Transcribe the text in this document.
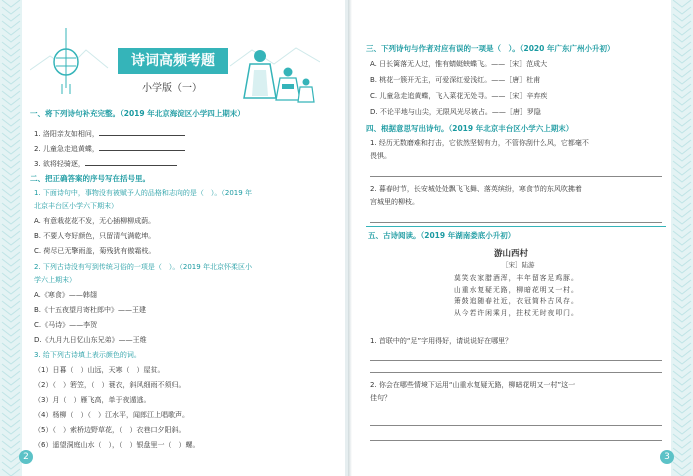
2	3
诗词高频考题
小学版（一）
一、将下列诗句补充完整。（2019 年北京海淀区小学四上期末）
1. 洛阳亲友如相问，
2. 儿童急走追黄蝶，
3. 欲将轻骑逐，
二、把正确答案的序号写在括号里。
1. 下面诗句中，事物没有被赋予人的品格和志向的是（　）。（2019 年
北京丰台区小学六下期末）
A. 有意栽花花不发，无心插柳柳成荫。
B. 不要人夸好颜色，只留清气满乾坤。
C. 荷尽已无擎雨盖，菊残犹有傲霜枝。
2. 下列古诗没有写到传统习俗的一项是（　）。（2019 年北京怀柔区小
学六上期末）
A.《寒食》——韩翃
B.《十五夜望月寄杜郎中》——王建
C.《马诗》——李贺
D.《九月九日忆山东兄弟》——王维
3. 给下列古诗填上表示颜色的词。
（1）日暮（　）山远，天寒（　）屋贫。
（2）（　）箬笠，（　）蓑衣，斜风细雨不须归。
（3）月（　）雁飞高，单于夜遁逃。
（4）杨柳（　）（　）江水平，闻郎江上唱歌声。
（5）（　）索桥边野草花，（　）衣巷口夕阳斜。
（6）遥望洞庭山水（　），（　）银盘里一（　）螺。
三、下列诗句与作者对应有误的一项是（　）。（2020 年广东广州小升初）
A. 日长篱落无人过，惟有蜻蜓蛱蝶飞。——［宋］范成大
B. 桃花一簇开无主，可爱深红爱浅红。——［唐］杜甫
C. 儿童急走追黄蝶，飞入菜花无处寻。——［宋］辛弃疾
D. 不论平地与山尖，无限风光尽被占。——［唐］罗隐
四、根据意思写出诗句。（2019 年北京丰台区小学六上期末）
1. 经历无数磨难和打击，它依然坚韧有力，不管你刮什么风，它都毫不
畏惧。
2. 暮春时节，长安城处处飘飞飞舞、落英缤纷，寒食节的东风吹拂着
宫城里的柳枝。
五、古诗阅读。（2019 年湖南娄底小升初）
游山西村
［宋］陆游
莫笑农家腊酒浑，丰年留客足鸡豚。
山重水复疑无路，柳暗花明又一村。
箫鼓追随春社近，衣冠简朴古风存。
从今若许闲乘月，拄杖无时夜叩门。
1. 首联中的“足”字用得好，请说说好在哪里？
2. 你会在哪些情境下运用“山重水复疑无路，柳暗花明又一村”这一
佳句？
